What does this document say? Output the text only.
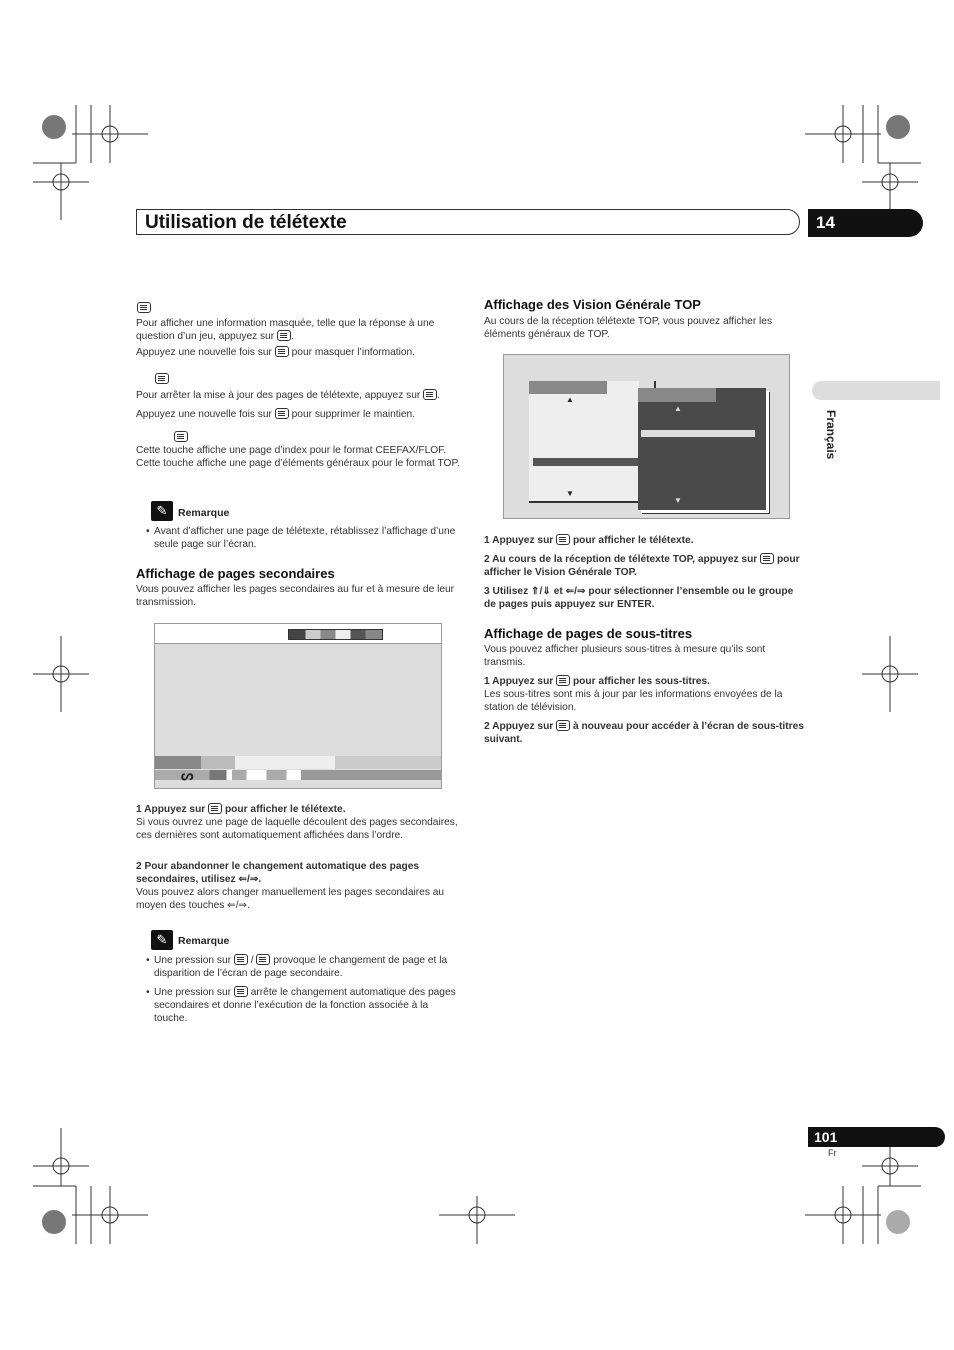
Utilisation de télétexte	14
Français

Pour afficher une information masquée, telle que la réponse à une question d’un jeu, appuyez sur .
Appuyez une nouvelle fois sur pour masquer l’information.

Pour arrêter la mise à jour des pages de télétexte, appuyez sur .
Appuyez une nouvelle fois sur pour supprimer le maintien.
Cette touche affiche une page d’index pour le format CEEFAX/FLOF.
Cette touche affiche une page d’éléments généraux pour le format TOP.
✎	Remarque
• Avant d’afficher une page de télétexte, rétablissez l’affichage d’une seule page sur l’écran.
Affichage de pages secondaires
Vous pouvez afficher les pages secondaires au fur et à mesure de leur transmission.
ᔕ
1 Appuyez sur pour afficher le télétexte.
Si vous ouvrez une page de laquelle découlent des pages secondaires, ces dernières sont automatiquement affichées dans l’ordre.
2 Pour abandonner le changement automatique des pages secondaires, utilisez ⇐/⇒.
Vous pouvez alors changer manuellement les pages secondaires au moyen des touches ⇐/⇒.
✎	Remarque
• Une pression sur / provoque le changement de page et la disparition de l’écran de page secondaire.
• Une pression sur arrête le changement automatique des pages secondaires et donne l’exécution de la fonction associée à la touche.
Affichage des Vision Générale TOP
Au cours de la réception télétexte TOP, vous pouvez afficher les éléments généraux de TOP.
▲
▼
▲
▼
1 Appuyez sur pour afficher le télétexte.
2 Au cours de la réception de télétexte TOP, appuyez sur pour afficher le Vision Générale TOP.
3 Utilisez ⇑/⇓ et ⇐/⇒ pour sélectionner l’ensemble ou le groupe de pages puis appuyez sur ENTER.
Affichage de pages de sous-titres
Vous pouvez afficher plusieurs sous-titres à mesure qu’ils sont transmis.
1 Appuyez sur pour afficher les sous-titres.
Les sous-titres sont mis à jour par les informations envoyées de la station de télévision.
2 Appuyez sur à nouveau pour accéder à l’écran de sous-titres suivant.
101
Fr
